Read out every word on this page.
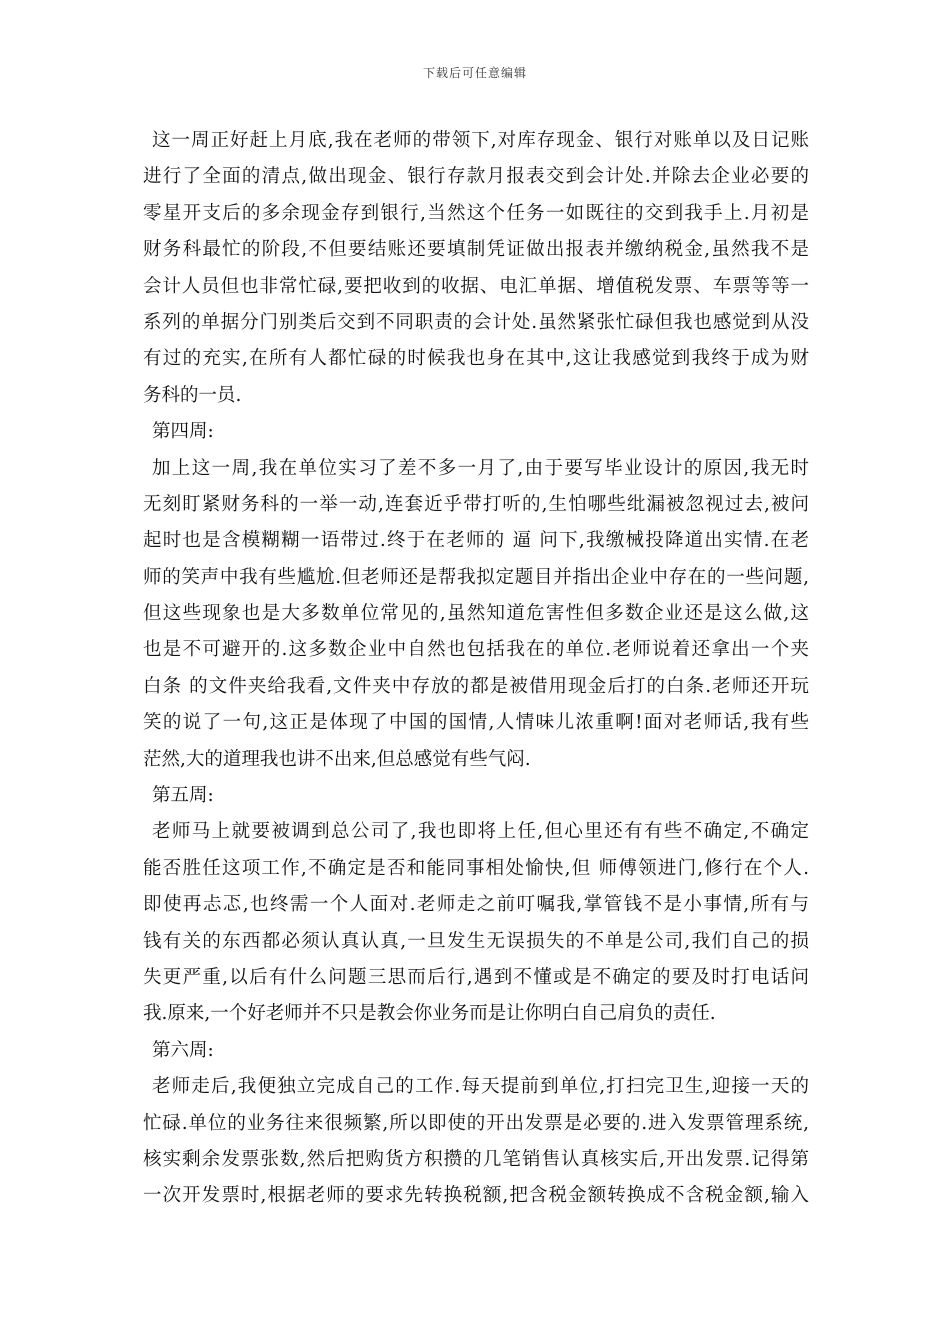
下载后可任意编辑
这一周正好赶上月底,我在老师的带领下,对库存现金、银行对账单以及日记账
进行了全面的清点,做出现金、银行存款月报表交到会计处.并除去企业必要的
零星开支后的多余现金存到银行,当然这个任务一如既往的交到我手上.月初是
财务科最忙的阶段,不但要结账还要填制凭证做出报表并缴纳税金,虽然我不是
会计人员但也非常忙碌,要把收到的收据、电汇单据、增值税发票、车票等等一
系列的单据分门别类后交到不同职责的会计处.虽然紧张忙碌但我也感觉到从没
有过的充实,在所有人都忙碌的时候我也身在其中,这让我感觉到我终于成为财
务科的一员.
第四周:
加上这一周,我在单位实习了差不多一月了,由于要写毕业设计的原因,我无时
无刻盯紧财务科的一举一动,连套近乎带打听的,生怕哪些纰漏被忽视过去,被问
起时也是含模糊糊一语带过.终于在老师的 逼 问下,我缴械投降道出实情.在老
师的笑声中我有些尴尬.但老师还是帮我拟定题目并指出企业中存在的一些问题,
但这些现象也是大多数单位常见的,虽然知道危害性但多数企业还是这么做,这
也是不可避开的.这多数企业中自然也包括我在的单位.老师说着还拿出一个夹
白条 的文件夹给我看,文件夹中存放的都是被借用现金后打的白条.老师还开玩
笑的说了一句,这正是体现了中国的国情,人情味儿浓重啊!面对老师话,我有些
茫然,大的道理我也讲不出来,但总感觉有些气闷.
第五周:
老师马上就要被调到总公司了,我也即将上任,但心里还有有些不确定,不确定
能否胜任这项工作,不确定是否和能同事相处愉快,但 师傅领进门,修行在个人.
即使再忐忑,也终需一个人面对.老师走之前叮嘱我,掌管钱不是小事情,所有与
钱有关的东西都必须认真认真,一旦发生无误损失的不单是公司,我们自己的损
失更严重,以后有什么问题三思而后行,遇到不懂或是不确定的要及时打电话问
我.原来,一个好老师并不只是教会你业务而是让你明白自己肩负的责任.
第六周:
老师走后,我便独立完成自己的工作.每天提前到单位,打扫完卫生,迎接一天的
忙碌.单位的业务往来很频繁,所以即使的开出发票是必要的.进入发票管理系统,
核实剩余发票张数,然后把购货方积攒的几笔销售认真核实后,开出发票.记得第
一次开发票时,根据老师的要求先转换税额,把含税金额转换成不含税金额,输入
